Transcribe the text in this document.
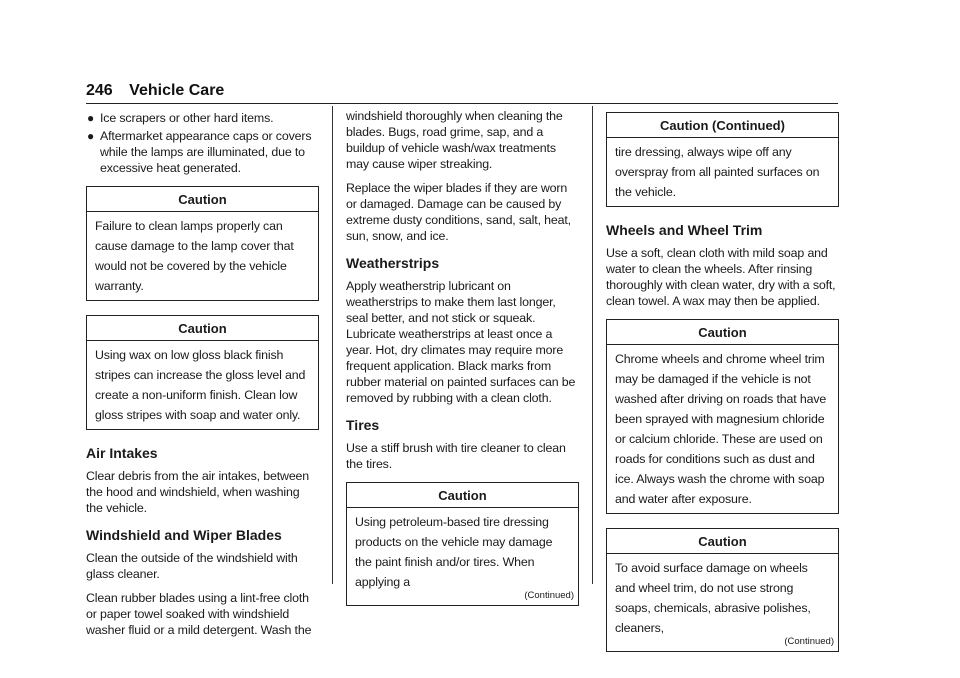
246 Vehicle Care
● Ice scrapers or other hard items.
● Aftermarket appearance caps or covers while the lamps are illuminated, due to excessive heat generated.
Caution
Failure to clean lamps properly can cause damage to the lamp cover that would not be covered by the vehicle warranty.
Caution
Using wax on low gloss black finish stripes can increase the gloss level and create a non-uniform finish. Clean low gloss stripes with soap and water only.
Air Intakes

Clear debris from the air intakes, between the hood and windshield, when washing the vehicle.

Windshield and Wiper Blades

Clean the outside of the windshield with glass cleaner.

Clean rubber blades using a lint-free cloth or paper towel soaked with windshield washer fluid or a mild detergent. Wash the

windshield thoroughly when cleaning the blades. Bugs, road grime, sap, and a buildup of vehicle wash/wax treatments may cause wiper streaking.

Replace the wiper blades if they are worn or damaged. Damage can be caused by extreme dusty conditions, sand, salt, heat, sun, snow, and ice.

Weatherstrips

Apply weatherstrip lubricant on weatherstrips to make them last longer, seal better, and not stick or squeak. Lubricate weatherstrips at least once a year. Hot, dry climates may require more frequent application. Black marks from rubber material on painted surfaces can be removed by rubbing with a clean cloth.

Tires

Use a stiff brush with tire cleaner to clean the tires.

Caution
Using petroleum-based tire dressing products on the vehicle may damage the paint finish and/or tires. When applying a
(Continued)
Caution (Continued)
tire dressing, always wipe off any overspray from all painted surfaces on the vehicle.
Wheels and Wheel Trim

Use a soft, clean cloth with mild soap and water to clean the wheels. After rinsing thoroughly with clean water, dry with a soft, clean towel. A wax may then be applied.

Caution
Chrome wheels and chrome wheel trim may be damaged if the vehicle is not washed after driving on roads that have been sprayed with magnesium chloride or calcium chloride. These are used on roads for conditions such as dust and ice. Always wash the chrome with soap and water after exposure.
Caution
To avoid surface damage on wheels and wheel trim, do not use strong soaps, chemicals, abrasive polishes, cleaners,
(Continued)
